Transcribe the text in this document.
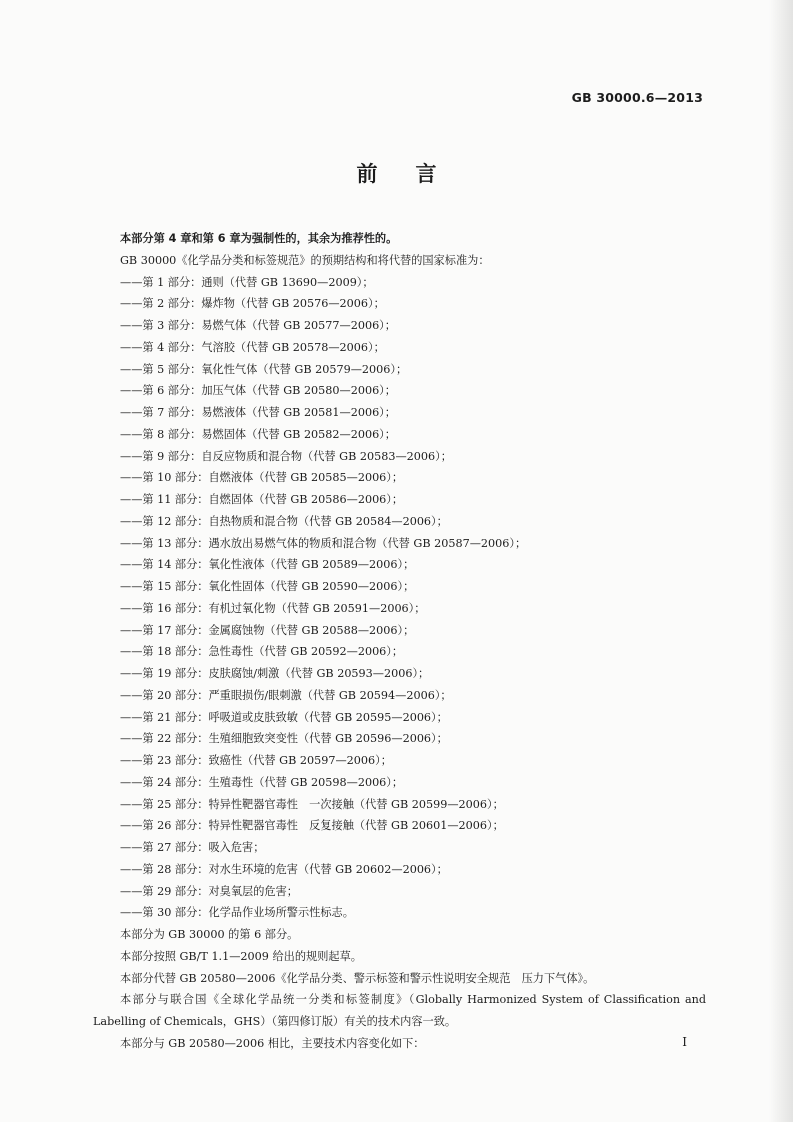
GB 30000.6—2013
前言

本部分第 4 章和第 6 章为强制性的，其余为推荐性的。

GB 30000《化学品分类和标签规范》的预期结构和将代替的国家标准为：

——第 1 部分：通则（代替 GB 13690—2009）；
——第 2 部分：爆炸物（代替 GB 20576—2006）；
——第 3 部分：易燃气体（代替 GB 20577—2006）；
——第 4 部分：气溶胶（代替 GB 20578—2006）；
——第 5 部分：氧化性气体（代替 GB 20579—2006）；
——第 6 部分：加压气体（代替 GB 20580—2006）；
——第 7 部分：易燃液体（代替 GB 20581—2006）；
——第 8 部分：易燃固体（代替 GB 20582—2006）；
——第 9 部分：自反应物质和混合物（代替 GB 20583—2006）；
——第 10 部分：自燃液体（代替 GB 20585—2006）；
——第 11 部分：自燃固体（代替 GB 20586—2006）；
——第 12 部分：自热物质和混合物（代替 GB 20584—2006）；
——第 13 部分：遇水放出易燃气体的物质和混合物（代替 GB 20587—2006）；
——第 14 部分：氧化性液体（代替 GB 20589—2006）；
——第 15 部分：氧化性固体（代替 GB 20590—2006）；
——第 16 部分：有机过氧化物（代替 GB 20591—2006）；
——第 17 部分：金属腐蚀物（代替 GB 20588—2006）；
——第 18 部分：急性毒性（代替 GB 20592—2006）；
——第 19 部分：皮肤腐蚀/刺激（代替 GB 20593—2006）；
——第 20 部分：严重眼损伤/眼刺激（代替 GB 20594—2006）；
——第 21 部分：呼吸道或皮肤致敏（代替 GB 20595—2006）；
——第 22 部分：生殖细胞致突变性（代替 GB 20596—2006）；
——第 23 部分：致癌性（代替 GB 20597—2006）；
——第 24 部分：生殖毒性（代替 GB 20598—2006）；
——第 25 部分：特异性靶器官毒性　一次接触（代替 GB 20599—2006）；
——第 26 部分：特异性靶器官毒性　反复接触（代替 GB 20601—2006）；
——第 27 部分：吸入危害；
——第 28 部分：对水生环境的危害（代替 GB 20602—2006）；
——第 29 部分：对臭氧层的危害；
——第 30 部分：化学品作业场所警示性标志。

本部分为 GB 30000 的第 6 部分。

本部分按照 GB/T 1.1—2009 给出的规则起草。

本部分代替 GB 20580—2006《化学品分类、警示标签和警示性说明安全规范　压力下气体》。

本部分与联合国《全球化学品统一分类和标签制度》（Globally Harmonized System of Classification and Labelling of Chemicals，GHS）（第四修订版）有关的技术内容一致。

本部分与 GB 20580—2006 相比，主要技术内容变化如下：	I
